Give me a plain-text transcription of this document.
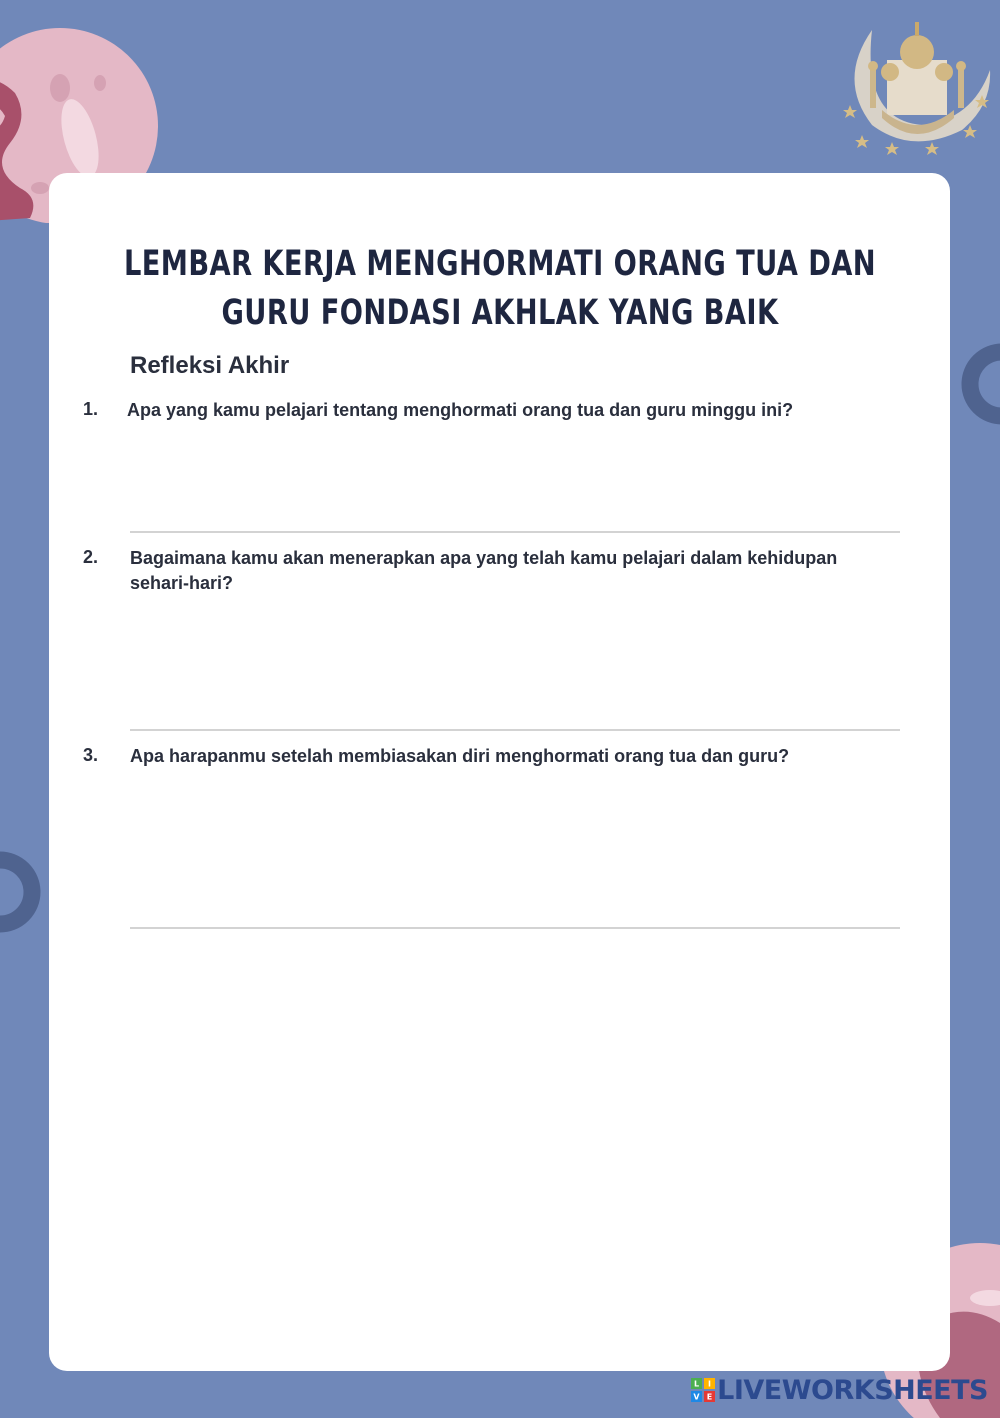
LEMBAR KERJA MENGHORMATI ORANG TUA DAN GURU FONDASI AKHLAK YANG BAIK
Refleksi Akhir
1. Apa yang kamu pelajari tentang menghormati orang tua dan guru minggu ini?
2. Bagaimana kamu akan menerapkan apa yang telah kamu pelajari dalam kehidupan sehari-hari?
3. Apa harapanmu setelah membiasakan diri menghormati orang tua dan guru?
L I
V E LIVEWORKSHEETS
